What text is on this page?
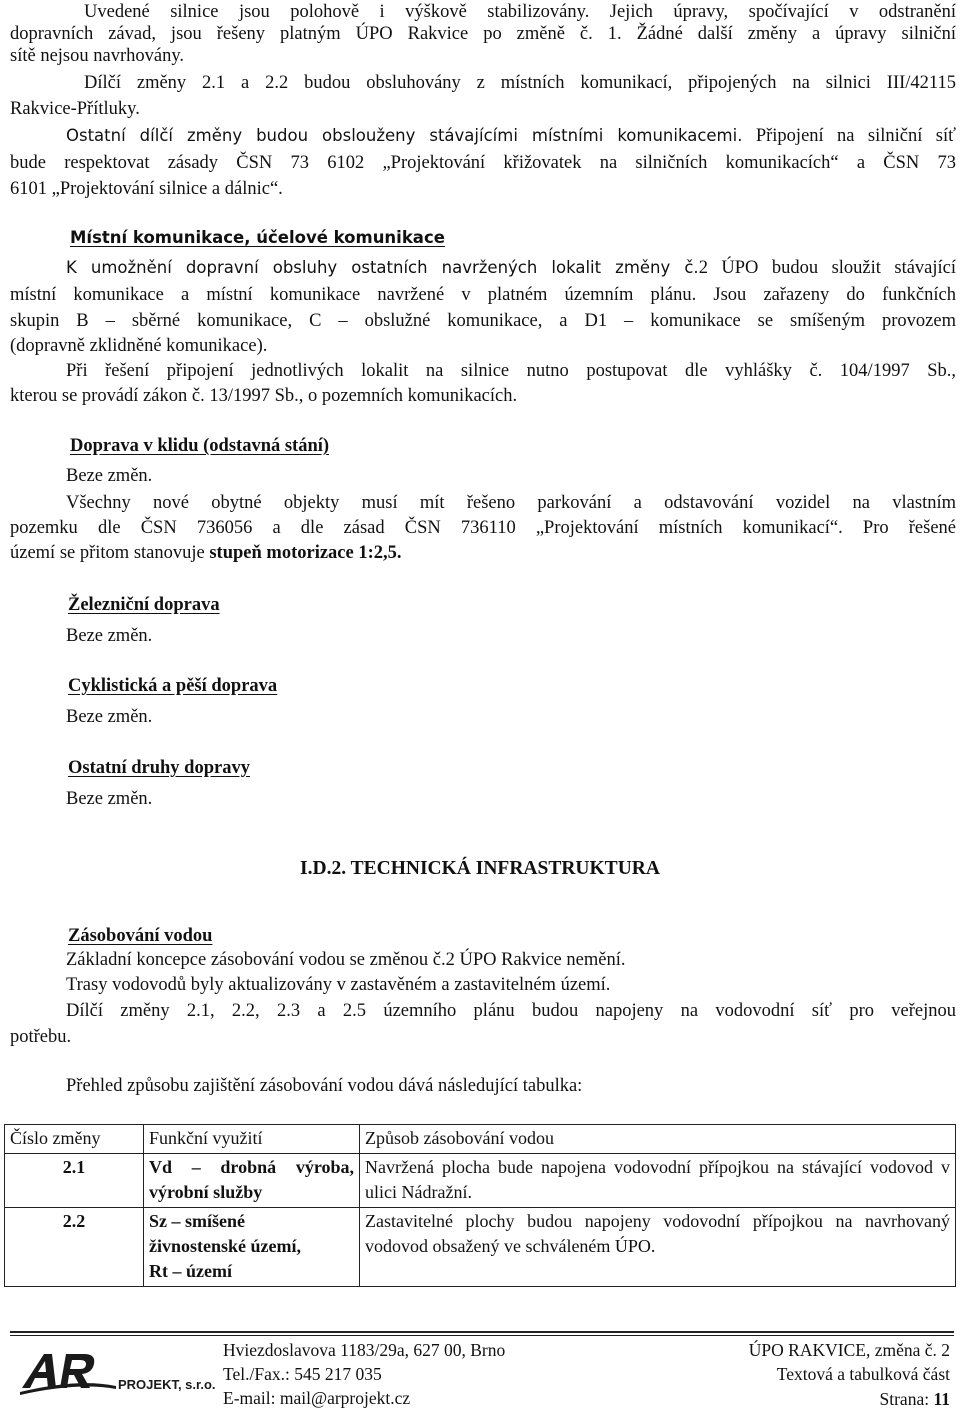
Uvedené silnice jsou polohově i výškově stabilizovány. Jejich úpravy, spočívající v odstranění
dopravních závad, jsou řešeny platným ÚPO Rakvice po změně č. 1. Žádné další změny a úpravy silniční
sítě nejsou navrhovány.
Dílčí změny 2.1 a 2.2 budou obsluhovány z místních komunikací, připojených na silnici III/42115
Rakvice-Přítluky.
Ostatní dílčí změny budou obslouženy stávajícími místními komunikacemi. Připojení na silniční síť
bude respektovat zásady ČSN 73 6102 „Projektování křižovatek na silničních komunikacích“ a ČSN 73
6101 „Projektování silnice a dálnic“.
Místní komunikace, účelové komunikace
K umožnění dopravní obsluhy ostatních navržených lokalit změny č.2 ÚPO budou sloužit stávající
místní komunikace a místní komunikace navržené v platném územním plánu. Jsou zařazeny do funkčních
skupin B – sběrné komunikace, C – obslužné komunikace, a D1 – komunikace se smíšeným provozem
(dopravně zklidněné komunikace).
Při řešení připojení jednotlivých lokalit na silnice nutno postupovat dle vyhlášky č. 104/1997 Sb.,
kterou se provádí zákon č. 13/1997 Sb., o pozemních komunikacích.
Doprava v klidu (odstavná stání)
Beze změn.
Všechny nové obytné objekty musí mít řešeno parkování a odstavování vozidel na vlastním
pozemku dle ČSN 736056 a dle zásad ČSN 736110 „Projektování místních komunikací“. Pro řešené
území se přitom stanovuje stupeň motorizace 1:2,5.
Železniční doprava
Beze změn.
Cyklistická a pěší doprava
Beze změn.
Ostatní druhy dopravy
Beze změn.
I.D.2. TECHNICKÁ INFRASTRUKTURA
Zásobování vodou
Základní koncepce zásobování vodou se změnou č.2 ÚPO Rakvice nemění.
Trasy vodovodů byly aktualizovány v zastavěném a zastavitelném území.
Dílčí změny 2.1, 2.2, 2.3 a 2.5 územního plánu budou napojeny na vodovodní síť pro veřejnou
potřebu.
Přehled způsobu zajištění zásobování vodou dává následující tabulka:
Číslo změny	Funkční využití	Způsob zásobování vodou
2.1	Vd – drobná výroba,
výrobní služby	Navržená plocha bude napojena vodovodní přípojkou na stávající vodovod v ulici Nádražní.
2.2	Sz – smíšené
živnostenské území,
Rt – území	Zastavitelné plochy budou napojeny vodovodní přípojkou na navrhovaný vodovod obsažený ve schváleném ÚPO.
PROJEKT, s.r.o.
Hviezdoslavova 1183/29a, 627 00, Brno
Tel./Fax.: 545 217 035
E-mail: mail@arprojekt.cz
ÚPO RAKVICE, změna č. 2
Textová a tabulková část
Strana: 11
